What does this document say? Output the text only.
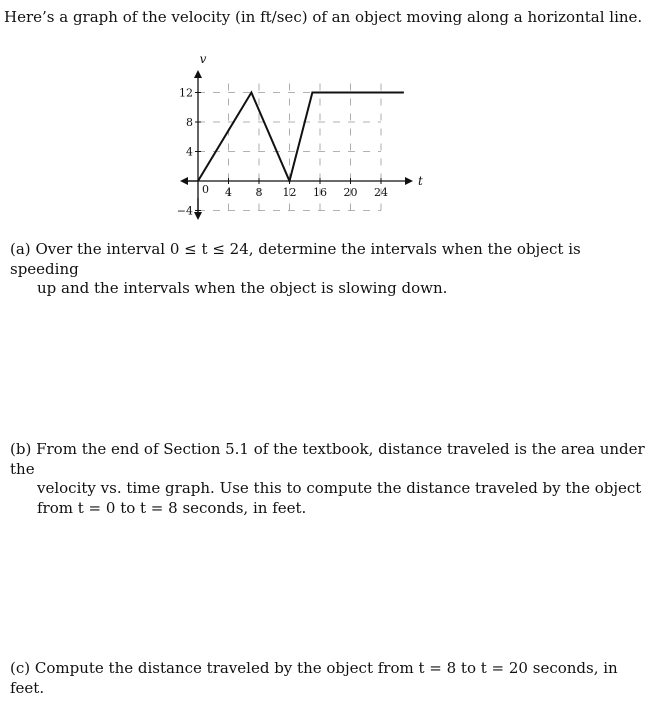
Here’s a graph of the velocity (in ft/sec) of an object moving along a horizontal line.
4 8 12 16 20 24
12
8
4
−4
v
t
0
(a) Over the interval 0 ≤ t ≤ 24, determine the intervals when the object is speeding
up and the intervals when the object is slowing down.
(b) From the end of Section 5.1 of the textbook, distance traveled is the area under the
velocity vs. time graph. Use this to compute the distance traveled by the object
from t = 0 to t = 8 seconds, in feet.
(c) Compute the distance traveled by the object from t = 8 to t = 20 seconds, in feet.
